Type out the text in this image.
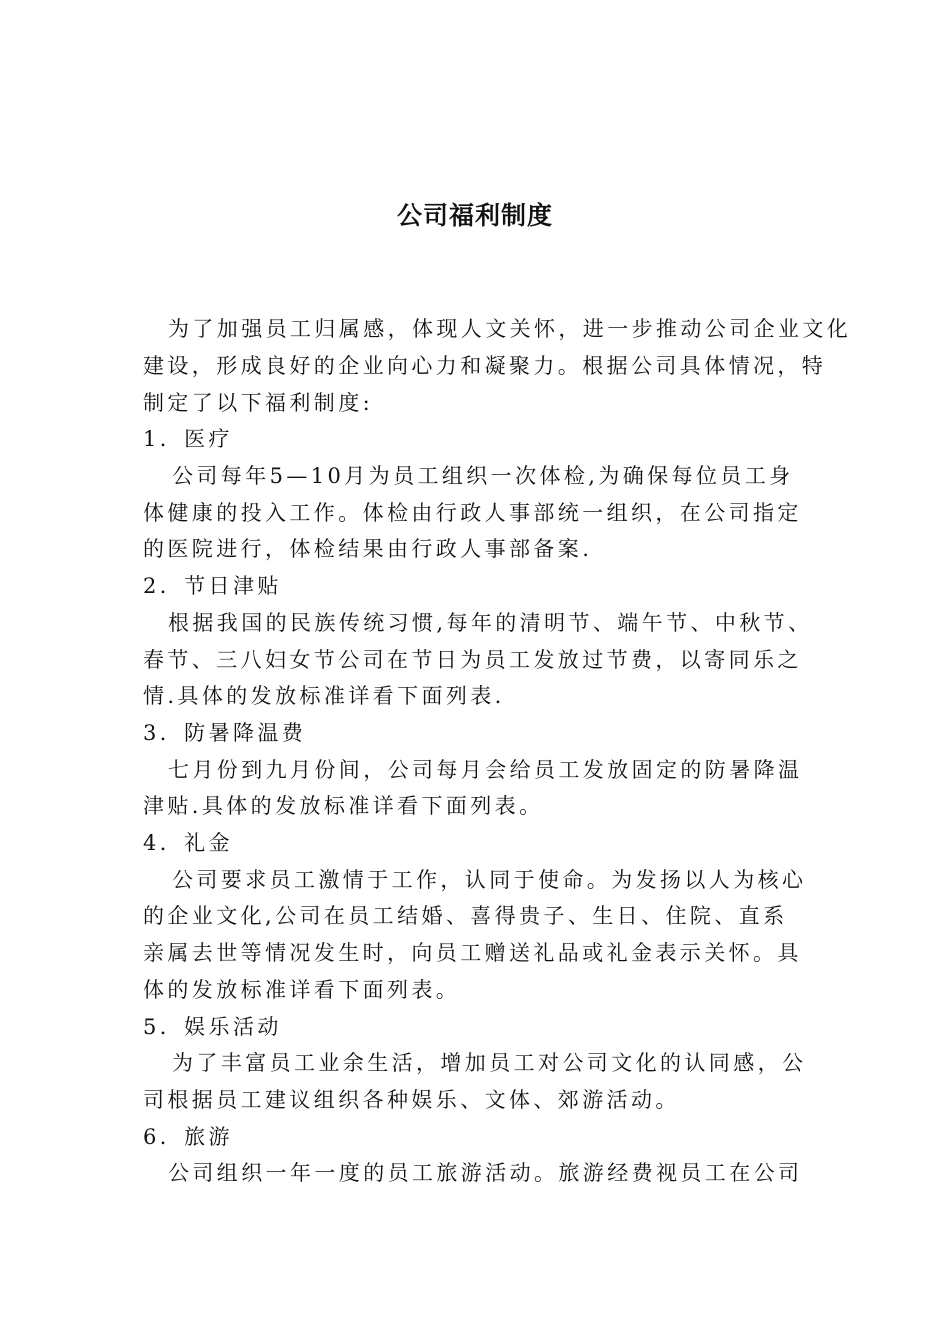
公司福利制度
为了加强员工归属感，体现人文关怀，进一步推动公司企业文化
建设，形成良好的企业向心力和凝聚力。根据公司具体情况，特
制定了以下福利制度:
1．医疗
公司每年5—10月为员工组织一次体检,为确保每位员工身
体健康的投入工作。体检由行政人事部统一组织，在公司指定
的医院进行，体检结果由行政人事部备案.
2．节日津贴
根据我国的民族传统习惯,每年的清明节、端午节、中秋节、
春节、三八妇女节公司在节日为员工发放过节费，以寄同乐之
情.具体的发放标准详看下面列表.
3．防暑降温费
七月份到九月份间，公司每月会给员工发放固定的防暑降温
津贴.具体的发放标准详看下面列表。
4．礼金
公司要求员工激情于工作，认同于使命。为发扬以人为核心
的企业文化,公司在员工结婚、喜得贵子、生日、住院、直系
亲属去世等情况发生时，向员工赠送礼品或礼金表示关怀。具
体的发放标准详看下面列表。
5．娱乐活动
为了丰富员工业余生活，增加员工对公司文化的认同感，公
司根据员工建议组织各种娱乐、文体、郊游活动。
6．旅游
公司组织一年一度的员工旅游活动。旅游经费视员工在公司
